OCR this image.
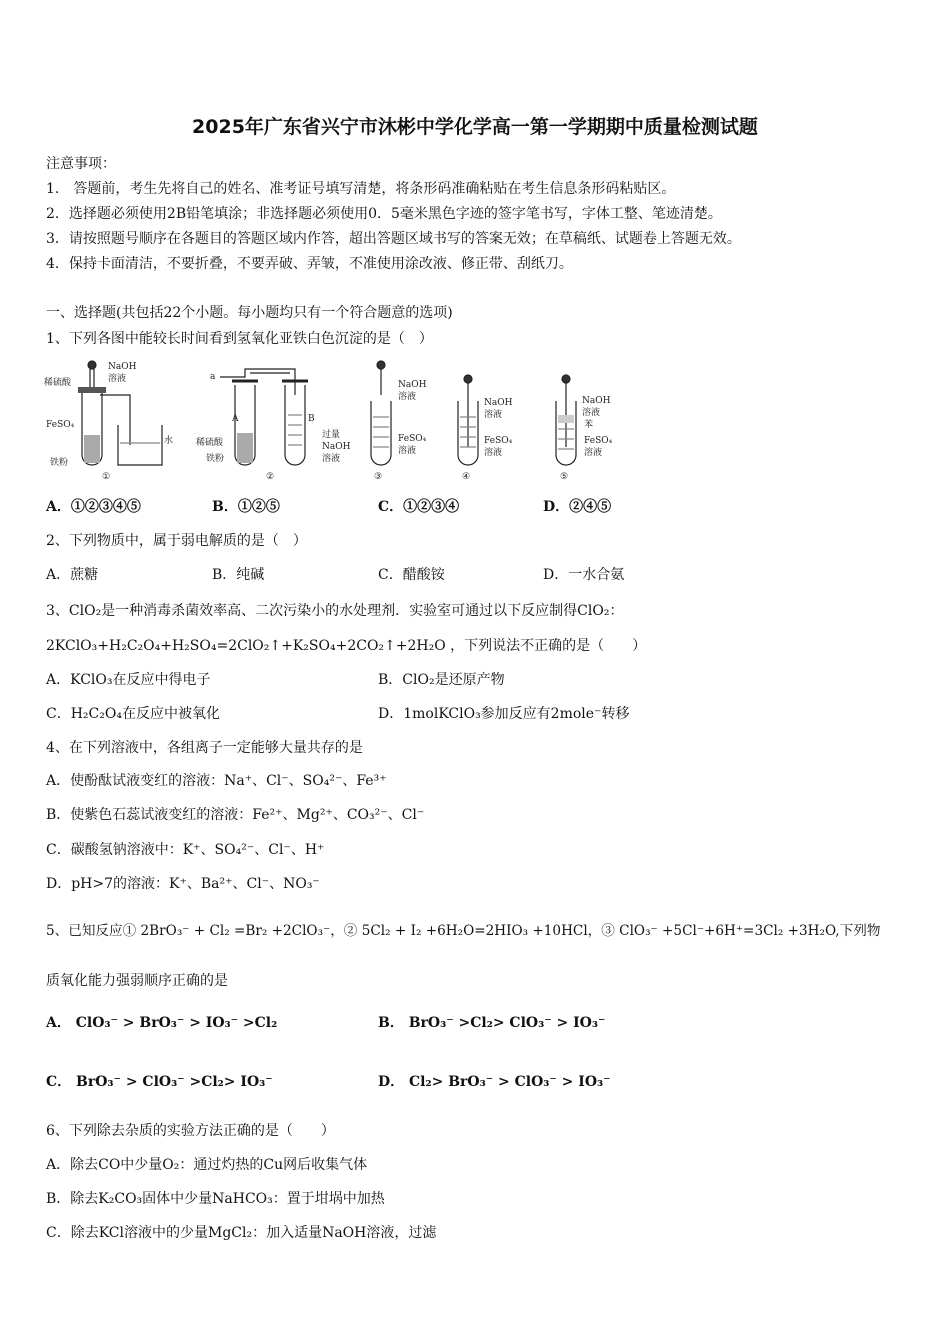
2025年广东省兴宁市沐彬中学化学高一第一学期期中质量检测试题
注意事项：
1.　答题前，考生先将自己的姓名、准考证号填写清楚，将条形码准确粘贴在考生信息条形码粘贴区。
2．选择题必须使用2B铅笔填涂；非选择题必须使用0．5毫米黑色字迹的签字笔书写，字体工整、笔迹清楚。
3．请按照题号顺序在各题目的答题区域内作答，超出答题区域书写的答案无效；在草稿纸、试题卷上答题无效。
4．保持卡面清洁，不要折叠，不要弄破、弄皱，不准使用涂改液、修正带、刮纸刀。
一、选择题(共包括22个小题。每小题均只有一个符合题意的选项)
1、下列各图中能较长时间看到氢氧化亚铁白色沉淀的是（　）
NaOH
溶液
稀硫酸
FeSO₄
铁粉
水
①
a
A	B
稀硫酸
铁粉
过量
NaOH
溶液
②
NaOH
溶液
FeSO₄
溶液
③
NaOH
溶液
FeSO₄
溶液
④
NaOH
溶液
苯
FeSO₄
溶液
⑤
A．①②③④⑤	B．①②⑤	C．①②③④	D．②④⑤
2、下列物质中，属于弱电解质的是（　）
A．蔗糖	B．纯碱	C．醋酸铵	D．一水合氨
3、ClO₂是一种消毒杀菌效率高、二次污染小的水处理剂．实验室可通过以下反应制得ClO₂：
2KClO₃+H₂C₂O₄+H₂SO₄=2ClO₂↑+K₂SO₄+2CO₂↑+2H₂O ，下列说法不正确的是（　　）
A．KClO₃在反应中得电子	B．ClO₂是还原产物
C．H₂C₂O₄在反应中被氧化	D．1molKClO₃参加反应有2mole⁻转移
4、在下列溶液中，各组离子一定能够大量共存的是
A．使酚酞试液变红的溶液：Na⁺、Cl⁻、SO₄²⁻、Fe³⁺
B．使紫色石蕊试液变红的溶液：Fe²⁺、Mg²⁺、CO₃²⁻、Cl⁻
C．碳酸氢钠溶液中：K⁺、SO₄²⁻、Cl⁻、H⁺
D．pH>7的溶液：K⁺、Ba²⁺、Cl⁻、NO₃⁻
5、已知反应① 2BrO₃⁻ + Cl₂ =Br₂ +2ClO₃⁻，② 5Cl₂ + I₂ +6H₂O=2HIO₃ +10HCl，③ ClO₃⁻ +5Cl⁻+6H⁺=3Cl₂ +3H₂O,下列物
质氧化能力强弱顺序正确的是
A． ClO₃⁻ > BrO₃⁻ > IO₃⁻ >Cl₂	B． BrO₃⁻ >Cl₂> ClO₃⁻ > IO₃⁻
C． BrO₃⁻ > ClO₃⁻ >Cl₂> IO₃⁻	D． Cl₂> BrO₃⁻ > ClO₃⁻ > IO₃⁻
6、下列除去杂质的实验方法正确的是（　　）
A．除去CO中少量O₂：通过灼热的Cu网后收集气体
B．除去K₂CO₃固体中少量NaHCO₃：置于坩埚中加热
C．除去KCl溶液中的少量MgCl₂：加入适量NaOH溶液，过滤
